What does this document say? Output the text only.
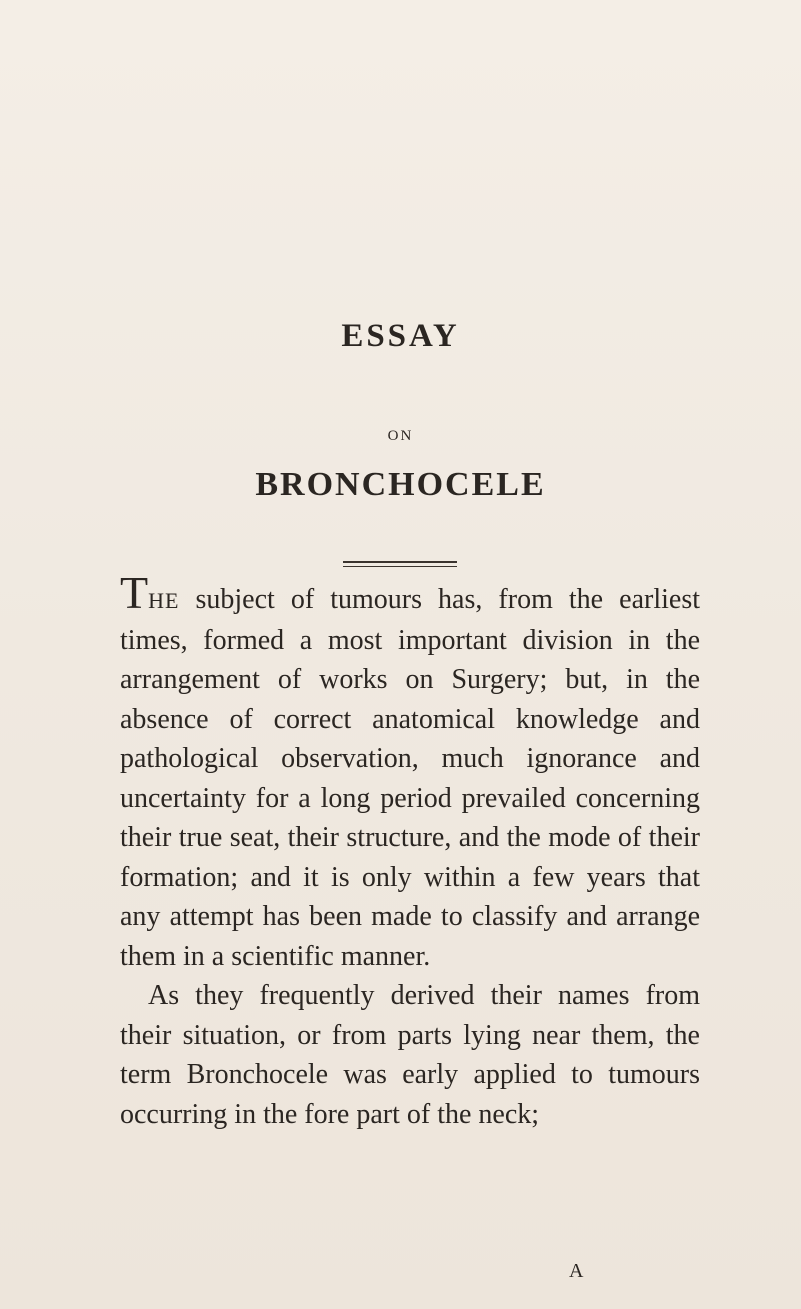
ESSAY
ON
BRONCHOCELE

THE subject of tumours has, from the earliest times, formed a most important division in the arrangement of works on Surgery; but, in the absence of correct anatomical knowledge and pathological observation, much ignorance and uncertainty for a long period prevailed concerning their true seat, their structure, and the mode of their formation; and it is only within a few years that any attempt has been made to classify and arrange them in a scientific manner.

As they frequently derived their names from their situation, or from parts lying near them, the term Bronchocele was early applied to tumours occurring in the fore part of the neck;

A
